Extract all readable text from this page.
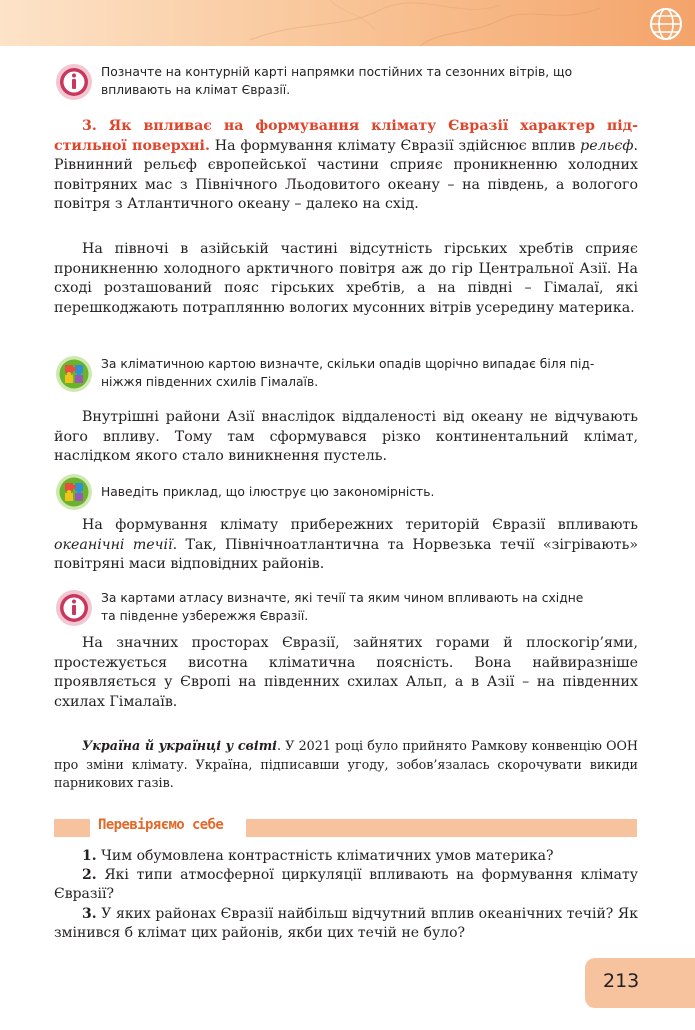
Позначте на контурній карті напрямки постійних та сезонних вітрів, що
впливають на клімат Євразії.

3. Як впливає на формування клімату Євразії характер підстильної поверхні. На формування клімату Євразії здійснює вплив рельєф. Рівнинний рельєф європейської частини сприяє проникненню холодних повітряних мас з Північного Льодовитого океану – на південь, а вологого повітря з Атлантичного океану – далеко на схід.

На півночі в азійській частині відсутність гірських хребтів сприяє проникненню холодного арктичного повітря аж до гір Центральної Азії. На сході розташований пояс гірських хребтів, а на півдні – Гімалаї, які перешкоджають потраплянню вологих мусонних вітрів усередину материка.

За кліматичною картою визначте, скільки опадів щорічно випадає біля під-
ніжжя південних схилів Гімалаїв.

Внутрішні райони Азії внаслідок віддаленості від океану не відчувають його впливу. Тому там сформувався різко континентальний клімат, наслідком якого стало виникнення пустель.

Наведіть приклад, що ілюструє цю закономірність.

На формування клімату прибережних територій Євразії впливають океанічні течії. Так, Північноатлантична та Норвезька течії «зігрівають» повітряні маси відповідних районів.

За картами атласу визначте, які течії та яким чином впливають на східне
та південне узбережжя Євразії.

На значних просторах Євразії, зайнятих горами й плоскогір’ями, простежується висотна кліматична поясність. Вона найвиразніше проявляється у Європі на південних схилах Альп, а в Азії – на південних схилах Гімалаїв.

Україна й українці у світі. У 2021 році було прийнято Рамкову конвенцію ООН про зміни клімату. Україна, підписавши угоду, зобов’язалась скорочувати викиди парникових газів.

Перевіряємо себе

1. Чим обумовлена контрастність кліматичних умов материка?

2. Які типи атмосферної циркуляції впливають на формування клімату Євразії?

3. У яких районах Євразії найбільш відчутний вплив океанічних течій? Як змінився б клімат цих районів, якби цих течій не було?

213
